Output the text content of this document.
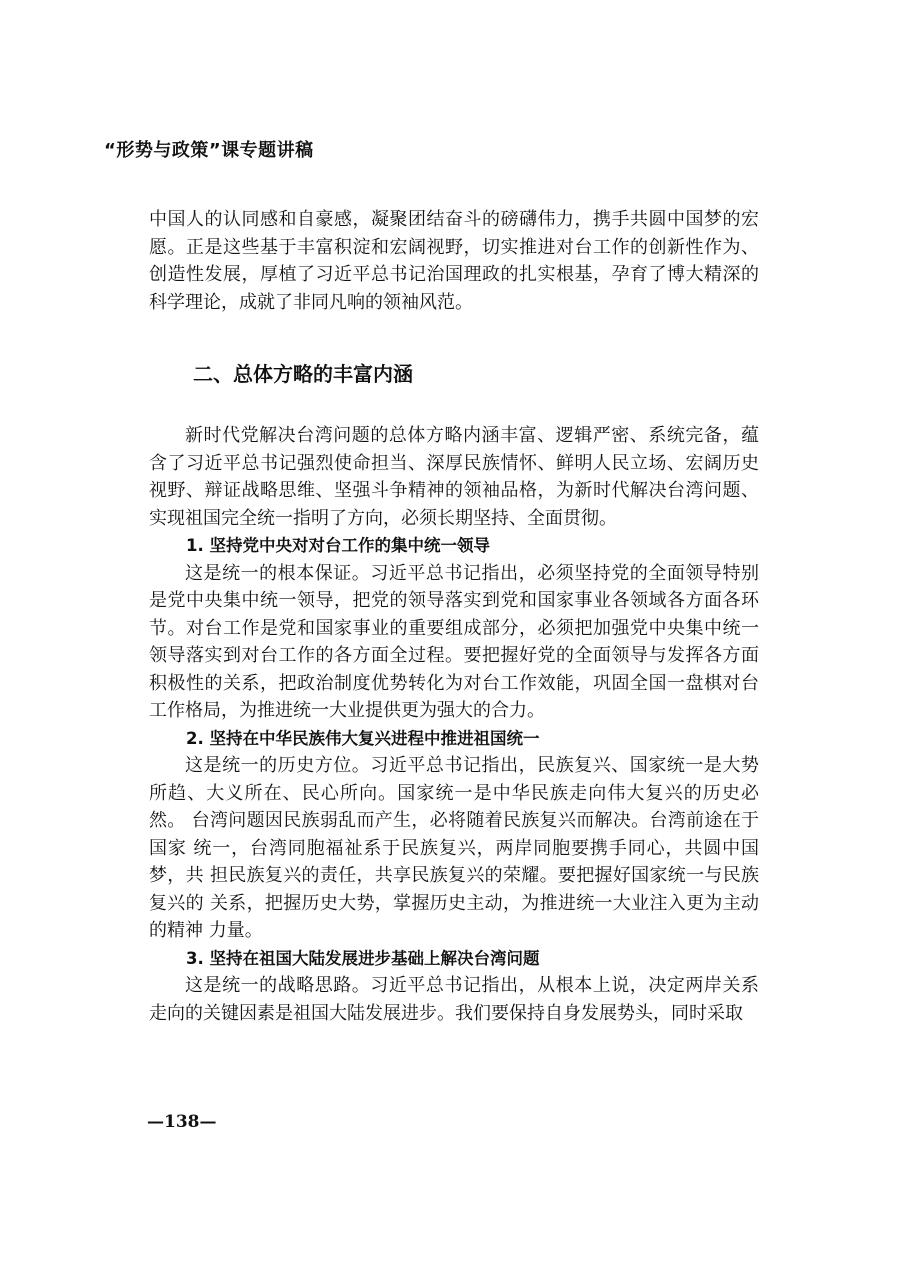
“形势与政策”课专题讲稿

中国人的认同感和自豪感，凝聚团结奋斗的磅礴伟力，携手共圆中国梦的宏愿。正是这些基于丰富积淀和宏阔视野，切实推进对台工作的创新性作为、创造性发展，厚植了习近平总书记治国理政的扎实根基，孕育了博大精深的科学理论，成就了非同凡响的领袖风范。

二、总体方略的丰富内涵

新时代党解决台湾问题的总体方略内涵丰富、逻辑严密、系统完备，蕴 含了习近平总书记强烈使命担当、深厚民族情怀、鲜明人民立场、宏阔历史 视野、辩证战略思维、坚强斗争精神的领袖品格，为新时代解决台湾问题、 实现祖国完全统一指明了方向，必须长期坚持、全面贯彻。

1. 坚持党中央对对台工作的集中统一领导

这是统一的根本保证。习近平总书记指出，必须坚持党的全面领导特别是党中央集中统一领导，把党的领导落实到党和国家事业各领域各方面各环节。对台工作是党和国家事业的重要组成部分，必须把加强党中央集中统一领导落实到对台工作的各方面全过程。要把握好党的全面领导与发挥各方面积极性的关系，把政治制度优势转化为对台工作效能，巩固全国一盘棋对台 工作格局，为推进统一大业提供更为强大的合力。

2. 坚持在中华民族伟大复兴进程中推进祖国统一

这是统一的历史方位。习近平总书记指出，民族复兴、国家统一是大势 所趋、大义所在、民心所向。国家统一是中华民族走向伟大复兴的历史必然。 台湾问题因民族弱乱而产生，必将随着民族复兴而解决。台湾前途在于国家 统一，台湾同胞福祉系于民族复兴，两岸同胞要携手同心，共圆中国梦，共 担民族复兴的责任，共享民族复兴的荣耀。要把握好国家统一与民族复兴的 关系，把握历史大势，掌握历史主动，为推进统一大业注入更为主动的精神 力量。

3. 坚持在祖国大陆发展进步基础上解决台湾问题

这是统一的战略思路。习近平总书记指出，从根本上说，决定两岸关系走向的关键因素是祖国大陆发展进步。我们要保持自身发展势头，同时采取

—138—
